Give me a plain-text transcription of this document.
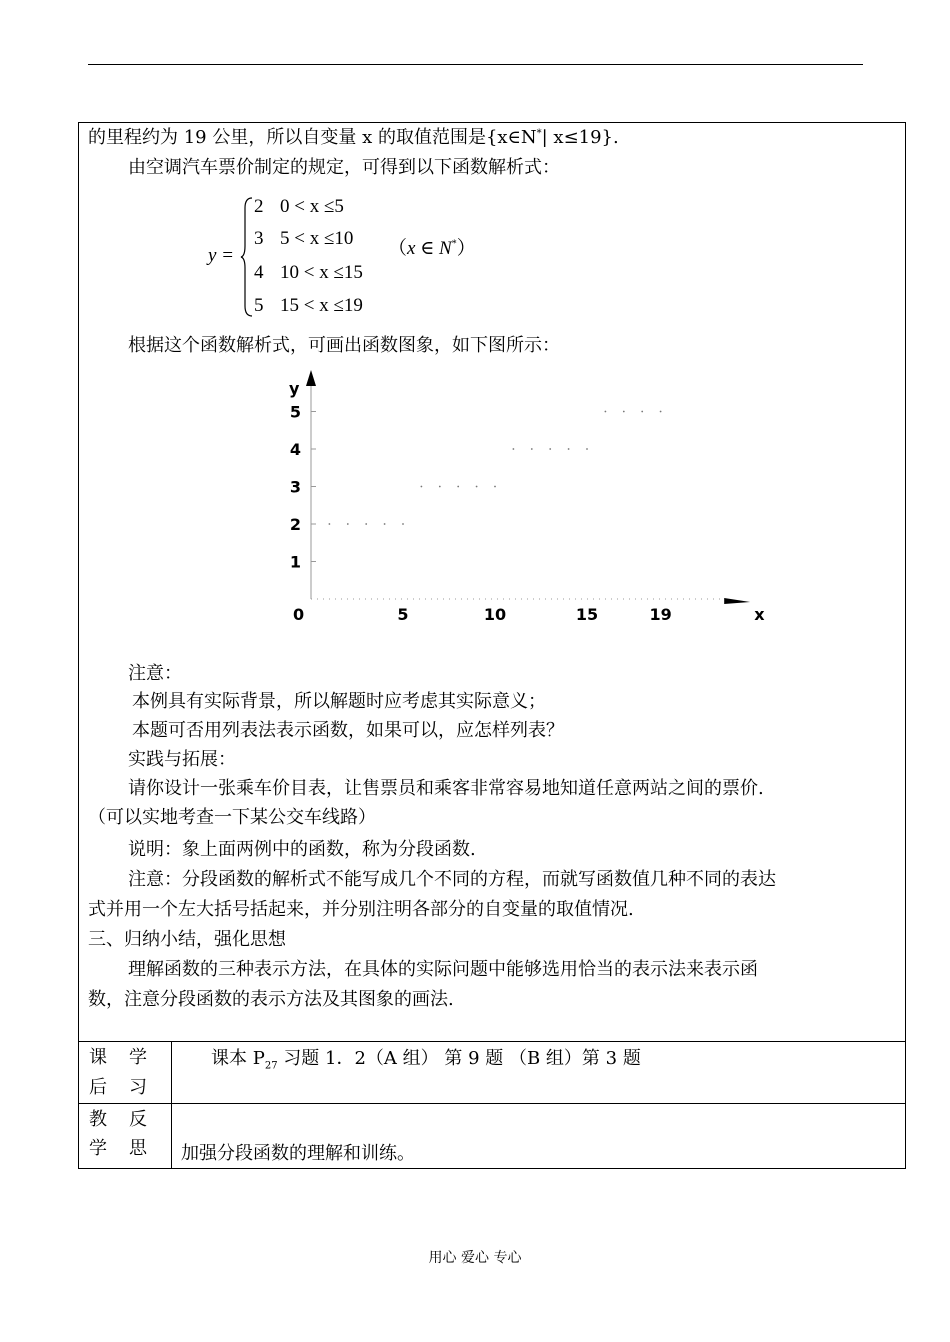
的里程约为 19 公里，所以自变量 x 的取值范围是{x∈N*| x≤19}.
由空调汽车票价制定的规定，可得到以下函数解析式：
y =
2 0 < x ≤5
3 5 < x ≤10
4 10 < x ≤15
5 15 < x ≤19
（x ∈ N*）
根据这个函数解析式，可画出函数图象，如下图所示：
y
x
0
1
2
3
4
5
5	10	15	19
注意：
本例具有实际背景，所以解题时应考虑其实际意义；
本题可否用列表法表示函数，如果可以，应怎样列表？
实践与拓展：
请你设计一张乘车价目表，让售票员和乘客非常容易地知道任意两站之间的票价.
（可以实地考查一下某公交车线路）
说明：象上面两例中的函数，称为分段函数.
注意：分段函数的解析式不能写成几个不同的方程，而就写函数值几种不同的表达
式并用一个左大括号括起来，并分别注明各部分的自变量的取值情况.
三、归纳小结，强化思想
理解函数的三种表示方法，在具体的实际问题中能够选用恰当的表示法来表示函
数，注意分段函数的表示方法及其图象的画法.
课　学
后　习
课本 $P_{27}$ 习题 1．2（A 组） 第 9 题 （B 组）第 3 题
教　反
学　思 加强分段函数的理解和训练。
用心 爱心 专心
